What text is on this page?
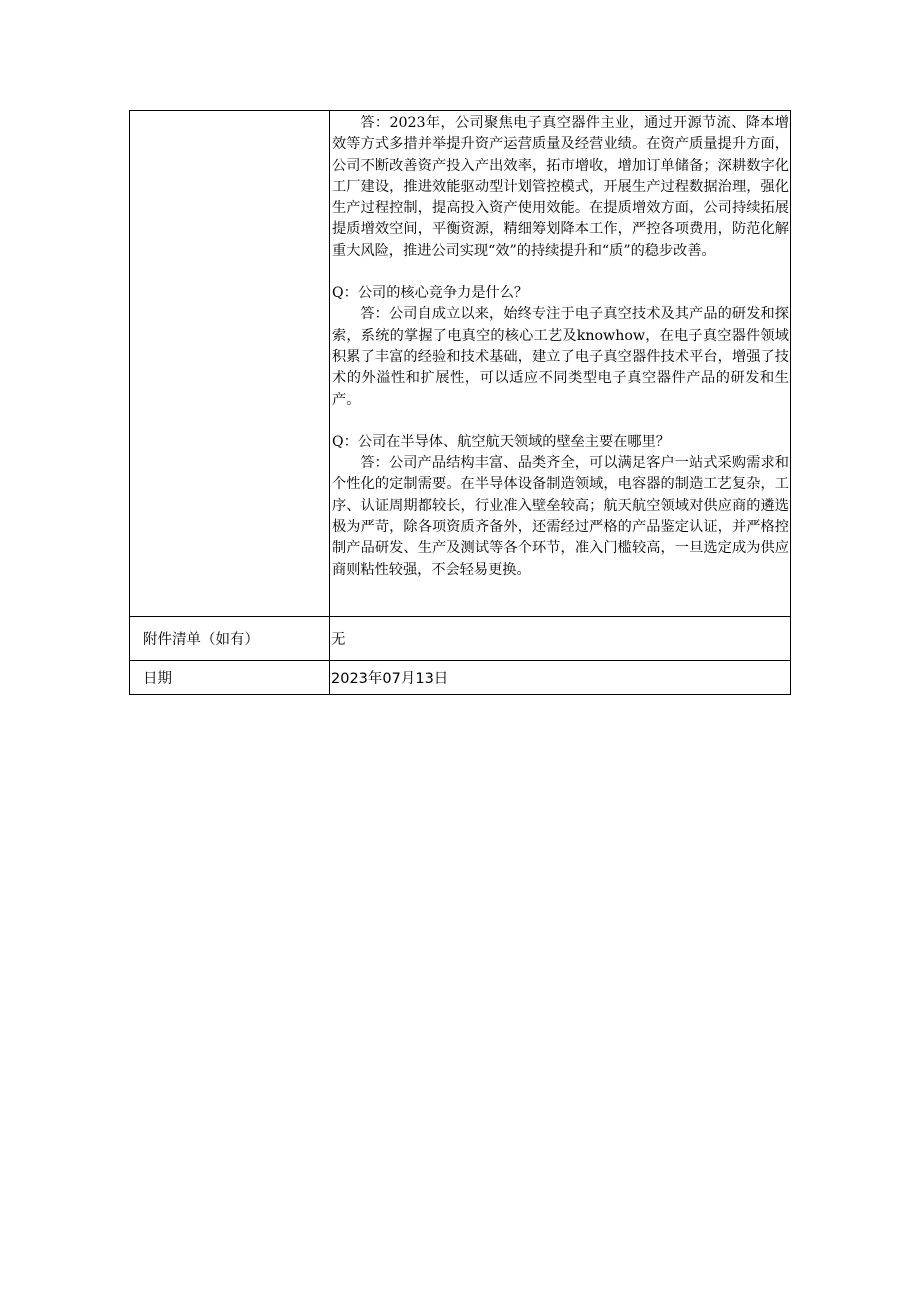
	答：2023年，公司聚焦电子真空器件主业，通过开源节流、降本增效等方式多措并举提升资产运营质量及经营业绩。在资产质量提升方面，公司不断改善资产投入产出效率，拓市增收，增加订单储备；深耕数字化工厂建设，推进效能驱动型计划管控模式，开展生产过程数据治理，强化生产过程控制，提高投入资产使用效能。在提质增效方面，公司持续拓展提质增效空间，平衡资源，精细筹划降本工作，严控各项费用，防范化解重大风险，推进公司实现“效”的持续提升和“质”的稳步改善。

Q：公司的核心竞争力是什么？

答：公司自成立以来，始终专注于电子真空技术及其产品的研发和探索，系统的掌握了电真空的核心工艺及knowhow，在电子真空器件领域积累了丰富的经验和技术基础，建立了电子真空器件技术平台，增强了技术的外溢性和扩展性，可以适应不同类型电子真空器件产品的研发和生产。

Q：公司在半导体、航空航天领域的壁垒主要在哪里？

答：公司产品结构丰富、品类齐全，可以满足客户一站式采购需求和个性化的定制需要。在半导体设备制造领域，电容器的制造工艺复杂，工序、认证周期都较长，行业准入壁垒较高；航天航空领域对供应商的遴选极为严苛，除各项资质齐备外，还需经过严格的产品鉴定认证，并严格控制产品研发、生产及测试等各个环节，准入门槛较高，一旦选定成为供应商则粘性较强，不会轻易更换。

附件清单（如有）	无
日期	2023年07月13日
